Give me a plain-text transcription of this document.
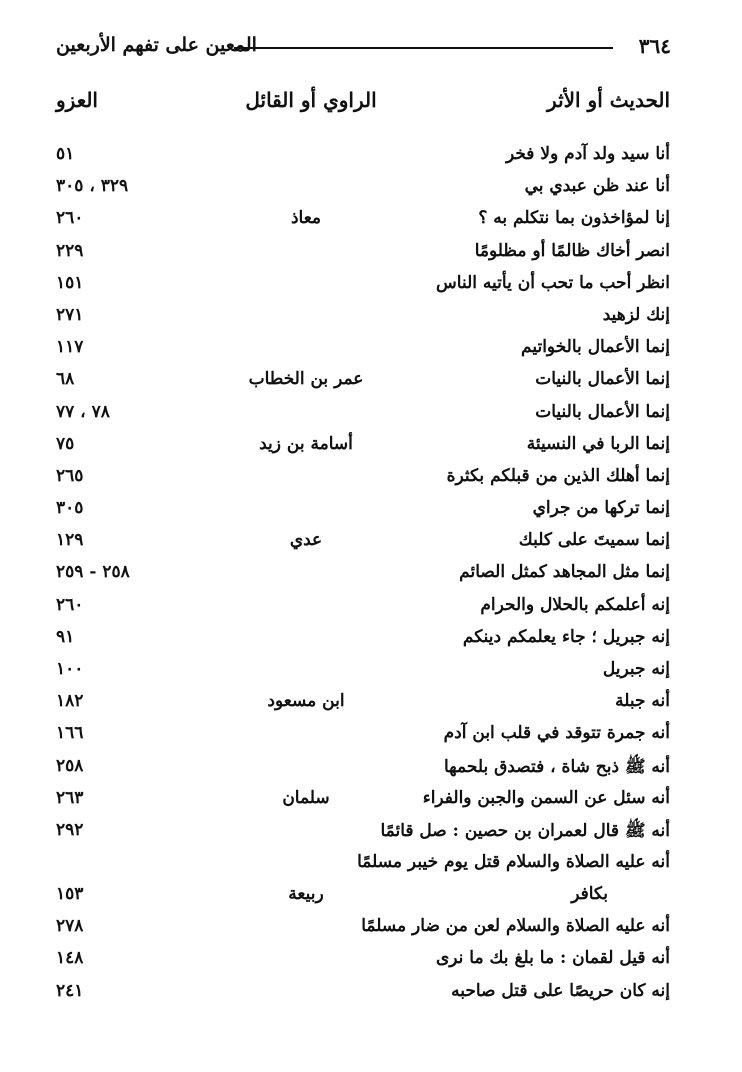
٣٦٤
المعين على تفهم الأربعين
الحديث أو الأثر
الراوي أو القائل
العزو
أنا سيد ولد آدم ولا فخر
٥١
أنا عند ظن عبدي بي
٣٢٩ ، ٣٠٥
إنا لمؤاخذون بما نتكلم به ؟
معاذ
٢٦٠
انصر أخاك ظالمًا أو مظلومًا
٢٢٩
انظر أحب ما تحب أن يأتيه الناس
١٥١
إنك لزهيد
٢٧١
إنما الأعمال بالخواتيم
١١٧
إنما الأعمال بالنيات
عمر بن الخطاب
٦٨
إنما الأعمال بالنيات
٧٨ ، ٧٧
إنما الربا في النسيئة
أسامة بن زيد
٧٥
إنما أهلك الذين من قبلكم بكثرة
٢٦٥
إنما تركها من جراي
٣٠٥
إنما سميتَ على كلبك
عدي
١٢٩
إنما مثل المجاهد كمثل الصائم
٢٥٨ - ٢٥٩
إنه أعلمكم بالحلال والحرام
٢٦٠
إنه جبريل ؛ جاء يعلمكم دينكم
٩١
إنه جبريل
١٠٠
أنه جبلة
ابن مسعود
١٨٢
أنه جمرة تتوقد في قلب ابن آدم
١٦٦
أنه ﷺ ذبح شاة ، فتصدق بلحمها
٢٥٨
أنه سئل عن السمن والجبن والفراء
سلمان
٢٦٣
أنه ﷺ قال لعمران بن حصين : صل قائمًا
٢٩٢
أنه عليه الصلاة والسلام قتل يوم خيبر مسلمًا
بكافر
ربيعة
١٥٣
أنه عليه الصلاة والسلام لعن من ضار مسلمًا
٢٧٨
أنه قيل لقمان : ما بلغ بك ما نرى
١٤٨
إنه كان حريصًا على قتل صاحبه
٢٤١
